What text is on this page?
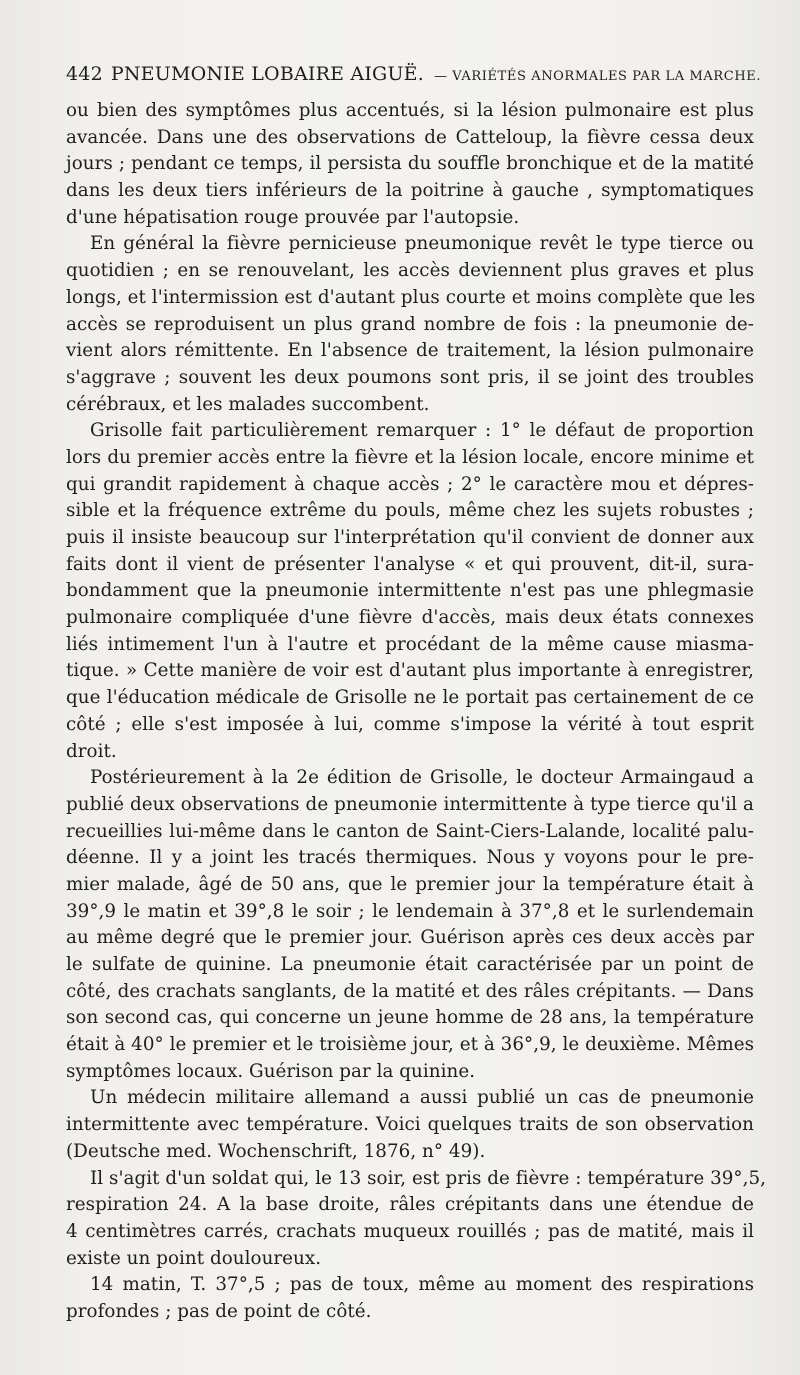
442 PNEUMONIE LOBAIRE AIGUË. — VARIÉTÉS ANORMALES PAR LA MARCHE.
ou bien des symptômes plus accentués, si la lésion pulmonaire est plus
avancée. Dans une des observations de Catteloup, la fièvre cessa deux
jours ; pendant ce temps, il persista du souffle bronchique et de la matité
dans les deux tiers inférieurs de la poitrine à gauche , symptomatiques
d'une hépatisation rouge prouvée par l'autopsie.
En général la fièvre pernicieuse pneumonique revêt le type tierce ou
quotidien ; en se renouvelant, les accès deviennent plus graves et plus
longs, et l'intermission est d'autant plus courte et moins complète que les
accès se reproduisent un plus grand nombre de fois : la pneumonie de-
vient alors rémittente. En l'absence de traitement, la lésion pulmonaire
s'aggrave ; souvent les deux poumons sont pris, il se joint des troubles
cérébraux, et les malades succombent.
Grisolle fait particulièrement remarquer : 1° le défaut de proportion
lors du premier accès entre la fièvre et la lésion locale, encore minime et
qui grandit rapidement à chaque accès ; 2° le caractère mou et dépres-
sible et la fréquence extrême du pouls, même chez les sujets robustes ;
puis il insiste beaucoup sur l'interprétation qu'il convient de donner aux
faits dont il vient de présenter l'analyse « et qui prouvent, dit-il, sura-
bondamment que la pneumonie intermittente n'est pas une phlegmasie
pulmonaire compliquée d'une fièvre d'accès, mais deux états connexes
liés intimement l'un à l'autre et procédant de la même cause miasma-
tique. » Cette manière de voir est d'autant plus importante à enregistrer,
que l'éducation médicale de Grisolle ne le portait pas certainement de ce
côté ; elle s'est imposée à lui, comme s'impose la vérité à tout esprit
droit.
Postérieurement à la 2e édition de Grisolle, le docteur Armaingaud a
publié deux observations de pneumonie intermittente à type tierce qu'il a
recueillies lui-même dans le canton de Saint-Ciers-Lalande, localité palu-
déenne. Il y a joint les tracés thermiques. Nous y voyons pour le pre-
mier malade, âgé de 50 ans, que le premier jour la température était à
39°,9 le matin et 39°,8 le soir ; le lendemain à 37°,8 et le surlendemain
au même degré que le premier jour. Guérison après ces deux accès par
le sulfate de quinine. La pneumonie était caractérisée par un point de
côté, des crachats sanglants, de la matité et des râles crépitants. — Dans
son second cas, qui concerne un jeune homme de 28 ans, la température
était à 40° le premier et le troisième jour, et à 36°,9, le deuxième. Mêmes
symptômes locaux. Guérison par la quinine.
Un médecin militaire allemand a aussi publié un cas de pneumonie
intermittente avec température. Voici quelques traits de son observation
(Deutsche med. Wochenschrift, 1876, n° 49).
Il s'agit d'un soldat qui, le 13 soir, est pris de fièvre : température 39°,5,
respiration 24. A la base droite, râles crépitants dans une étendue de
4 centimètres carrés, crachats muqueux rouillés ; pas de matité, mais il
existe un point douloureux.
14 matin, T. 37°,5 ; pas de toux, même au moment des respirations
profondes ; pas de point de côté.
